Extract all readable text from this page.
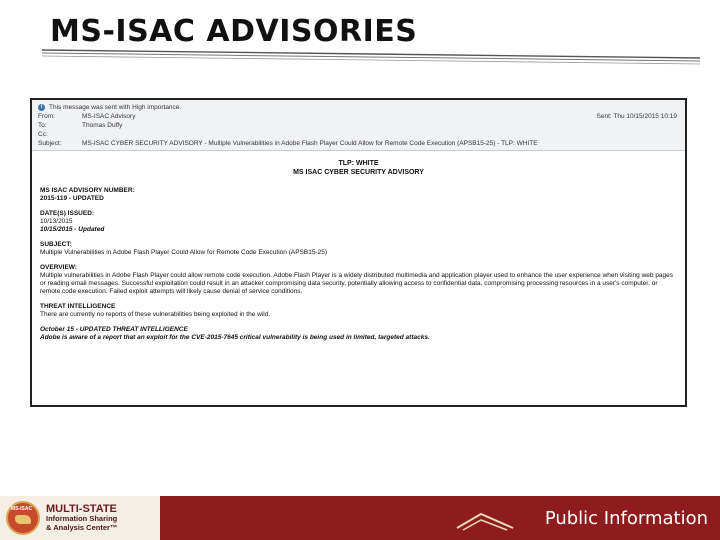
MS-ISAC ADVISORIES
i	This message was sent with High importance.
From:	MS-ISAC Advisory	Sent: Thu 10/15/2015 10:19
To:	Thomas Duffy
Cc:
Subject:	MS-ISAC CYBER SECURITY ADVISORY - Multiple Vulnerabilities in Adobe Flash Player Could Allow for Remote Code Execution (APSB15-25) - TLP: WHITE
TLP: WHITE
MS ISAC CYBER SECURITY ADVISORY
MS ISAC ADVISORY NUMBER:
2015-119 - UPDATED
DATE(S) ISSUED:
10/13/2015
10/15/2015 - Updated
SUBJECT:
Multiple Vulnerabilities in Adobe Flash Player Could Allow for Remote Code Execution (APSB15-25)
OVERVIEW:
Multiple vulnerabilities in Adobe Flash Player could allow remote code execution. Adobe Flash Player is a widely distributed multimedia and application player used to enhance the user experience when visiting web pages or reading email messages. Successful exploitation could result in an attacker compromising data security, potentially allowing access to confidential data, compromising processing resources in a user's computer, or remote code execution. Failed exploit attempts will likely cause denial of service conditions.
THREAT INTELLIGENCE
There are currently no reports of these vulnerabilities being exploited in the wild.
October 15 - UPDATED THREAT INTELLIGENCE
Adobe is aware of a report that an exploit for the CVE-2015-7645 critical vulnerability is being used in limited, targeted attacks.
MS-ISAC MULTI-STATE
Information Sharing
& Analysis Center™	Public Information
